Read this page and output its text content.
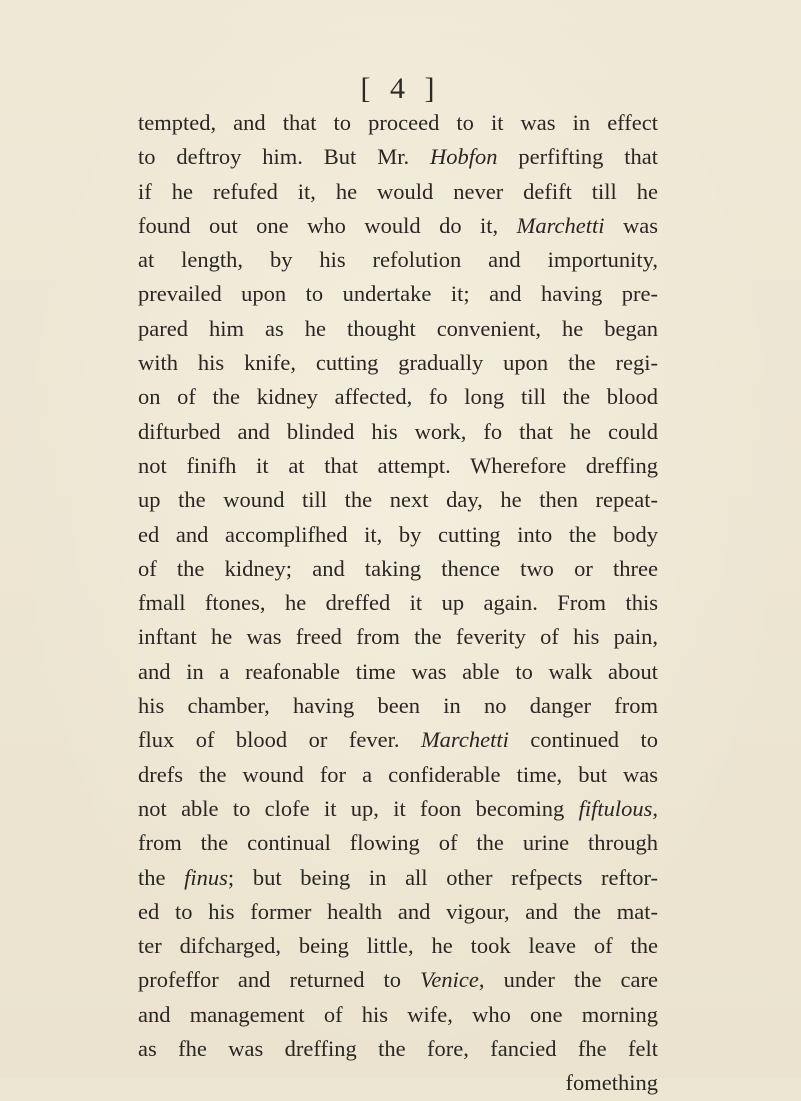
[ 4 ]
tempted, and that to proceed to it was in effect
to deftroy him. But Mr. Hobfon perfifting that
if he refufed it, he would never defift till he
found out one who would do it, Marchetti was
at length, by his refolution and importunity,
prevailed upon to undertake it; and having pre-
pared him as he thought convenient, he began
with his knife, cutting gradually upon the regi-
on of the kidney affected, fo long till the blood
difturbed and blinded his work, fo that he could
not finifh it at that attempt. Wherefore dreffing
up the wound till the next day, he then repeat-
ed and accomplifhed it, by cutting into the body
of the kidney; and taking thence two or three
fmall ftones, he dreffed it up again. From this
inftant he was freed from the feverity of his pain,
and in a reafonable time was able to walk about
his chamber, having been in no danger from
flux of blood or fever. Marchetti continued to
drefs the wound for a confiderable time, but was
not able to clofe it up, it foon becoming fiftulous,
from the continual flowing of the urine through
the finus; but being in all other refpects reftor-
ed to his former health and vigour, and the mat-
ter difcharged, being little, he took leave of the
profeffor and returned to Venice, under the care
and management of his wife, who one morning
as fhe was dreffing the fore, fancied fhe felt
fomething
